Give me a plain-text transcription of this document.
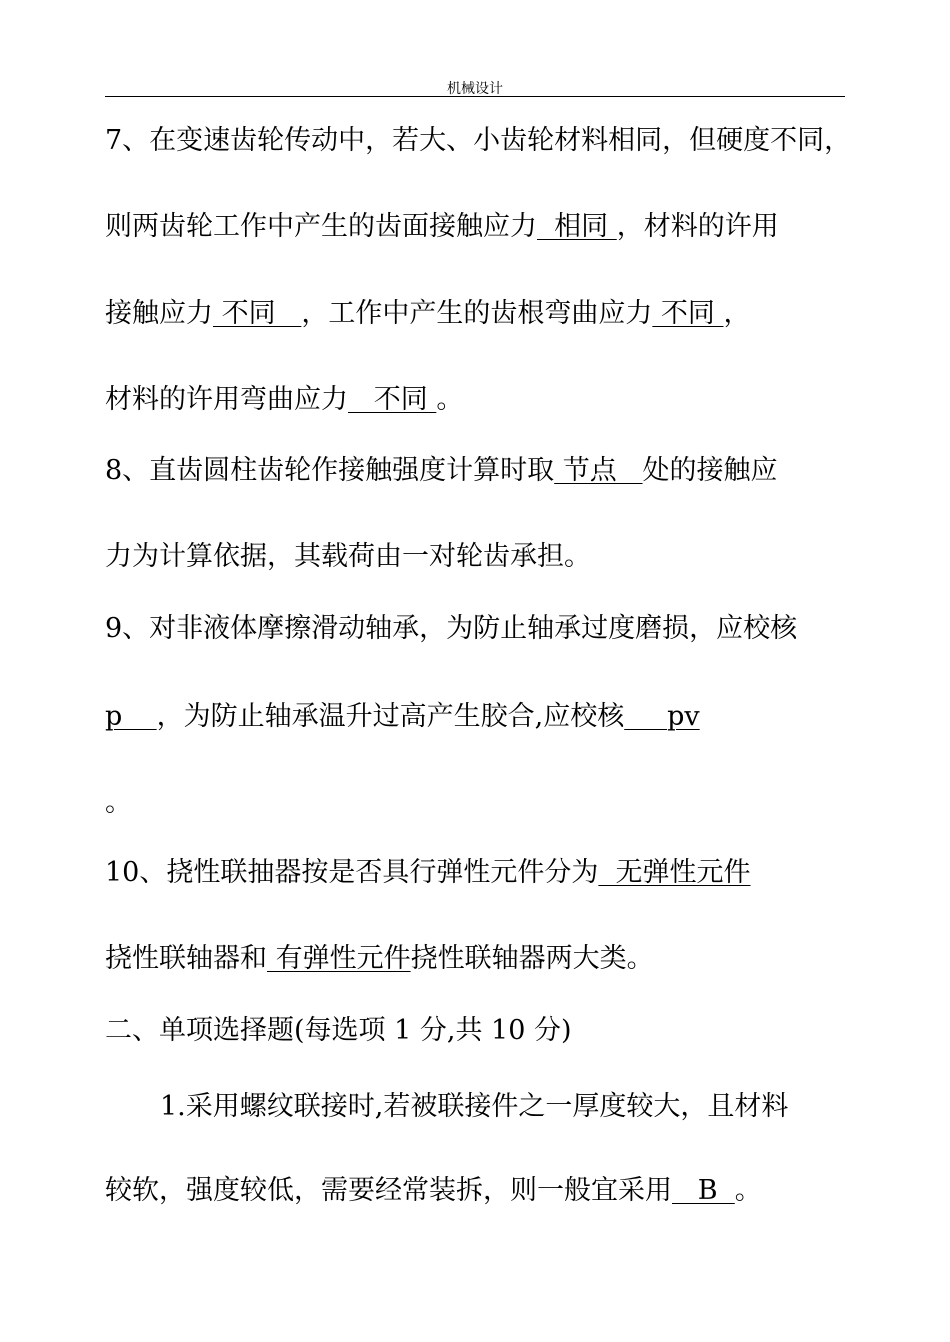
机械设计
7、在变速齿轮传动中，若大、小齿轮材料相同，但硬度不同，
则两齿轮工作中产生的齿面接触应力  相同 ，材料的许用
接触应力 不同   ，工作中产生的齿根弯曲应力 不同 ，
材料的许用弯曲应力   不同 。
8、直齿圆柱齿轮作接触强度计算时取 节点   处的接触应
力为计算依据，其载荷由一对轮齿承担。
9、对非液体摩擦滑动轴承，为防止轴承过度磨损，应校核
p    ，为防止轴承温升过高产生胶合,应校核     pv
。
10、挠性联抽器按是否具行弹性元件分为  无弹性元件
挠性联轴器和 有弹性元件挠性联轴器两大类。
二、单项选择题(每选项 1 分,共 10 分)
1.采用螺纹联接时,若被联接件之一厚度较大，且材料
较软，强度较低，需要经常装拆，则一般宜采用   B  。
